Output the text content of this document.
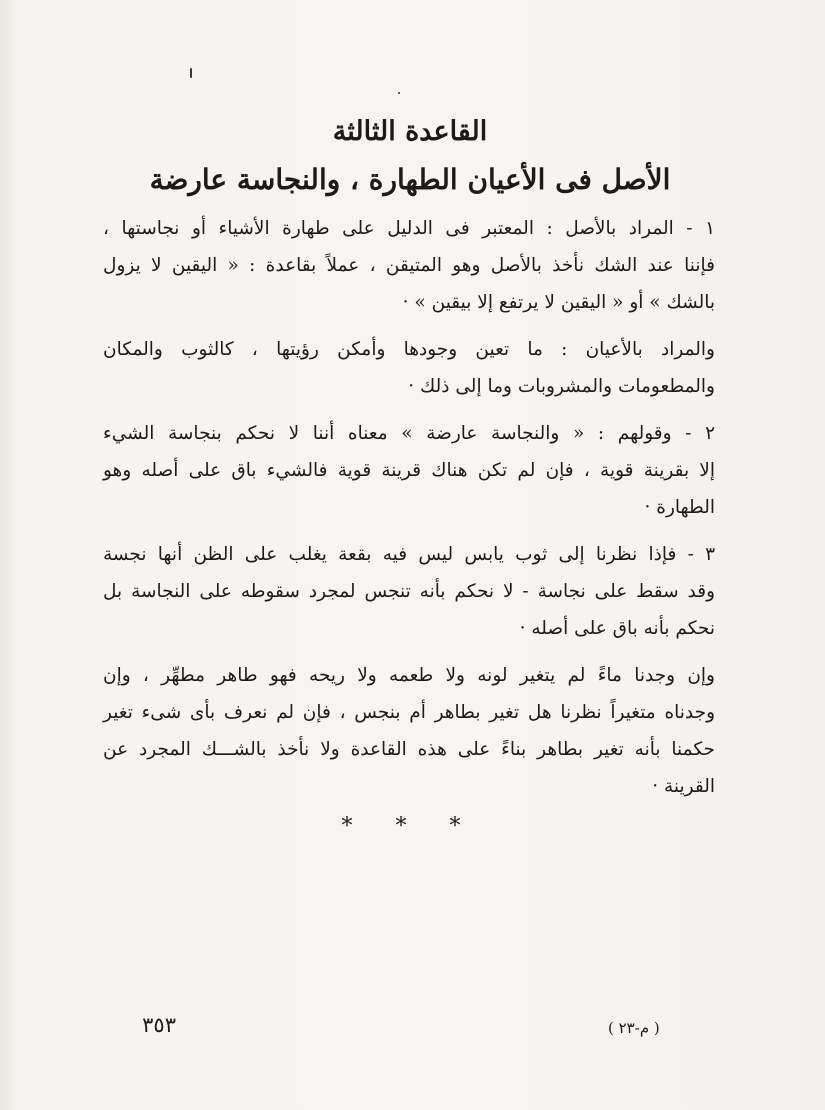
القاعدة الثالثة
الأصل فى الأعيان الطهارة ، والنجاسة عارضة
١ - المراد بالأصل : المعتبر فى الدليل على طهارة الأشياء أو نجاستها ،
فإننا عند الشك نأخذ بالأصل وهو المتيقن ، عملاً بقاعدة : « اليقين لا يزول
بالشك » أو « اليقين لا يرتفع إلا بيقين » ·
والمراد بالأعيان : ما تعين وجودها وأمكن رؤيتها ، كالثوب والمكان
والمطعومات والمشروبات وما إلى ذلك ·
٢ - وقولهم : « والنجاسة عارضة » معناه أننا لا نحكم بنجاسة الشيء
إلا بقرينة قوية ، فإن لم تكن هناك قرينة قوية فالشيء باق على أصله وهو
الطهارة ·
٣ - فإذا نظرنا إلى ثوب يابس ليس فيه بقعة يغلب على الظن أنها نجسة
وقد سقط على نجاسة - لا نحكم بأنه تنجس لمجرد سقوطه على النجاسة بل
نحكم بأنه باق على أصله ·
وإن وجدنا ماءً لم يتغير لونه ولا طعمه ولا ريحه فهو طاهر مطهِّر ، وإن
وجدناه متغيراً نظرنا هل تغير بطاهر أم بنجس ، فإن لم نعرف بأى شىء تغير
حكمنا بأنه تغير بطاهر بناءً على هذه القاعدة ولا نأخذ بالشـــك المجرد عن
القرينة ·
* * *
( م-٢٣ )
٣٥٣
